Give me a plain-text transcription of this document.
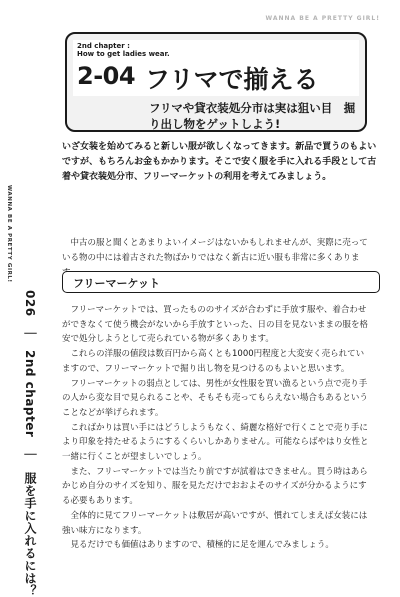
WANNA BE A PRETTY GIRL!
2nd chapter :
How to get ladies wear.
2-04 フリマで揃える
フリマや貸衣装処分市は実は狙い目　掘り出し物をゲットしよう!
いざ女装を始めてみると新しい服が欲しくなってきます。新品で買うのもよいですが、もちろんお金もかかります。そこで安く服を手に入れる手段として古着や貸衣装処分市、フリーマーケットの利用を考えてみましょう。
WANNA BE A PRETTY GIRL!
026 ｜ 2nd chapter ｜ 服を手に入れるには？
中古の服と聞くとあまりよいイメージはないかもしれませんが、実際に売っている物の中には着古された物ばかりではなく新古に近い服も非常に多くありま
フリーマーケット

フリーマーケットでは、買ったもののサイズが合わずに手放す服や、着合わせができなくて使う機会がないから手放すといった、日の目を見ないままの服を格安で処分しようとして売られている物が多くあります。

これらの洋服の値段は数百円から高くとも1000円程度と大変安く売られていますので、フリーマーケットで掘り出し物を見つけるのもよいと思います。

フリーマーケットの弱点としては、男性が女性服を買い漁るという点で売り手の人から変な目で見られることや、そもそも売ってもらえない場合もあるということなどが挙げられます。

こればかりは買い手にはどうしようもなく、綺麗な格好で行くことで売り手により印象を持たせるようにするくらいしかありません。可能ならばやはり女性と一緒に行くことが望ましいでしょう。

また、フリーマーケットでは当たり前ですが試着はできません。買う時はあらかじめ自分のサイズを知り、服を見ただけでおおよそのサイズが分かるようにする必要もあります。

全体的に見てフリーマーケットは敷居が高いですが、慣れてしまえば女装には強い味方になります。

見るだけでも価値はありますので、積極的に足を運んでみましょう。
